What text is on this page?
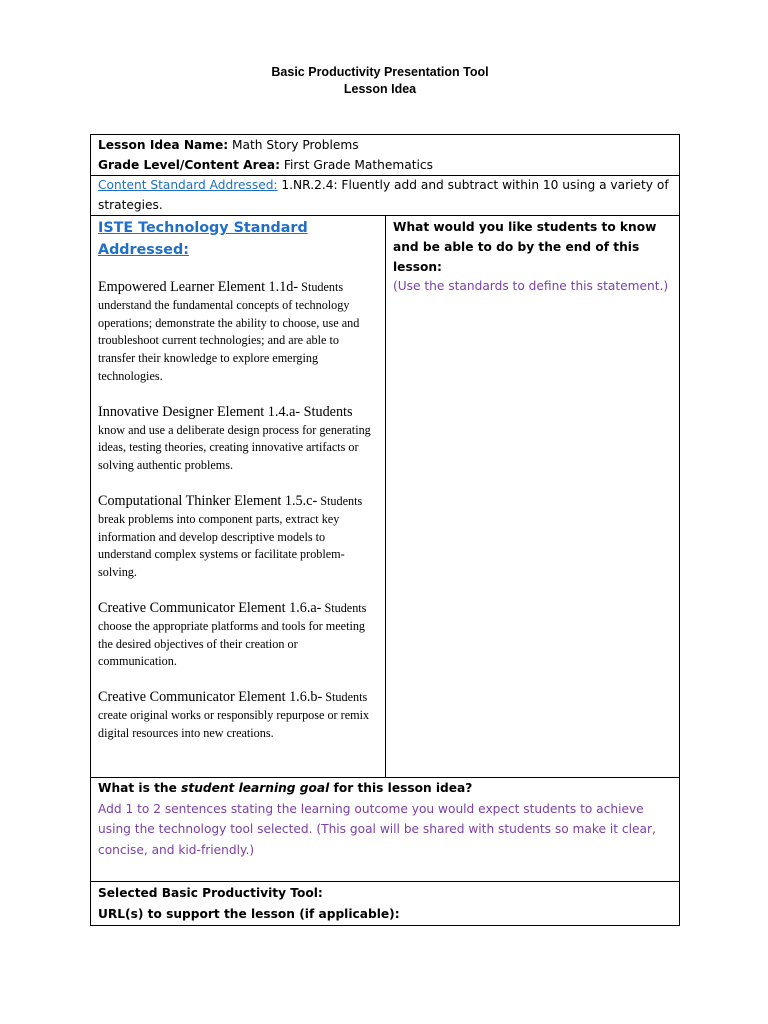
Basic Productivity Presentation Tool
Lesson Idea
Lesson Idea Name: Math Story Problems
Grade Level/Content Area: First Grade Mathematics

Content Standard Addressed: 1.NR.2.4: Fluently add and subtract within 10 using a variety of strategies.

ISTE Technology Standard Addressed:
Empowered Learner Element 1.1d- Students understand the fundamental concepts of technology operations; demonstrate the ability to choose, use and troubleshoot current technologies; and are able to transfer their knowledge to explore emerging technologies.
Innovative Designer Element 1.4.a- Students know and use a deliberate design process for generating ideas, testing theories, creating innovative artifacts or solving authentic problems.
Computational Thinker Element 1.5.c- Students break problems into component parts, extract key information and develop descriptive models to understand complex systems or facilitate problem-solving.
Creative Communicator Element 1.6.a- Students choose the appropriate platforms and tools for meeting the desired objectives of their creation or communication.
Creative Communicator Element 1.6.b- Students create original works or responsibly repurpose or remix digital resources into new creations.

What would you like students to know and be able to do by the end of this lesson:
(Use the standards to define this statement.)

What is the student learning goal for this lesson idea?
Add 1 to 2 sentences stating the learning outcome you would expect students to achieve using the technology tool selected. (This goal will be shared with students so make it clear, concise, and kid-friendly.)

Selected Basic Productivity Tool:
URL(s) to support the lesson (if applicable):
